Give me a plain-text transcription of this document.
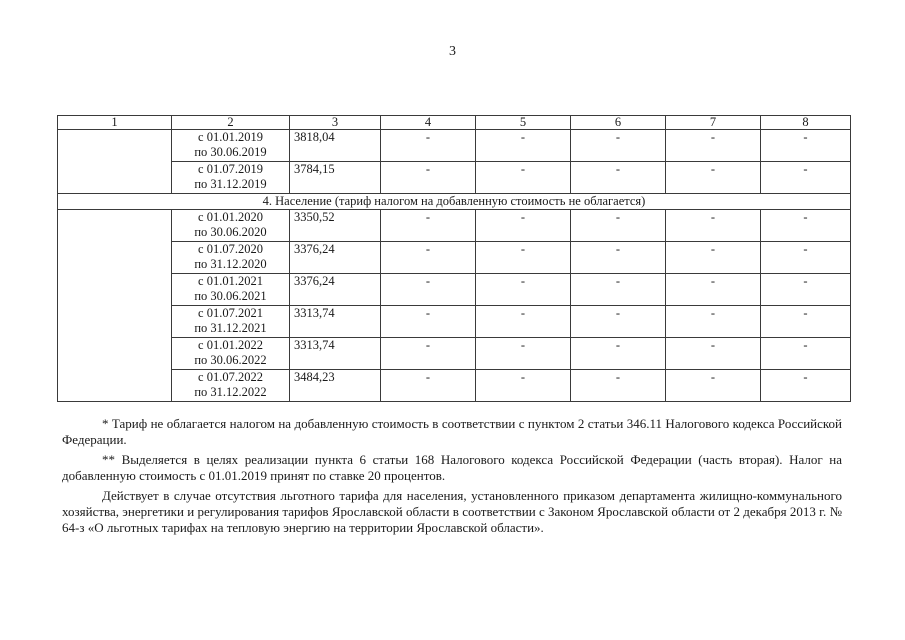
3
1	2	3	4	5	6	7	8
	с 01.01.2019
по 30.06.2019	3818,04	-	-	-	-	-
	с 01.07.2019
по 31.12.2019	3784,15	-	-	-	-	-
4. Население (тариф налогом на добавленную стоимость не облагается)							
	с 01.01.2020
по 30.06.2020	3350,52	-	-	-	-	-
	с 01.07.2020
по 31.12.2020	3376,24	-	-	-	-	-
	с 01.01.2021
по 30.06.2021	3376,24	-	-	-	-	-
	с 01.07.2021
по 31.12.2021	3313,74	-	-	-	-	-
	с 01.01.2022
по 30.06.2022	3313,74	-	-	-	-	-
	с 01.07.2022
по 31.12.2022	3484,23	-	-	-	-	-

* Тариф не облагается налогом на добавленную стоимость в соответствии с пунктом 2 статьи 346.11 Налогового кодекса Российской Федерации.

** Выделяется в целях реализации пункта 6 статьи 168 Налогового кодекса Российской Федерации (часть вторая). Налог на добавленную стоимость с 01.01.2019 принят по ставке 20 процентов.

Действует в случае отсутствия льготного тарифа для населения, установленного приказом департамента жилищно-коммунального хозяйства, энергетики и регулирования тарифов Ярославской области в соответствии с Законом Ярославской области от 2 декабря 2013 г. № 64-з «О льготных тарифах на тепловую энергию на территории Ярославской области».
